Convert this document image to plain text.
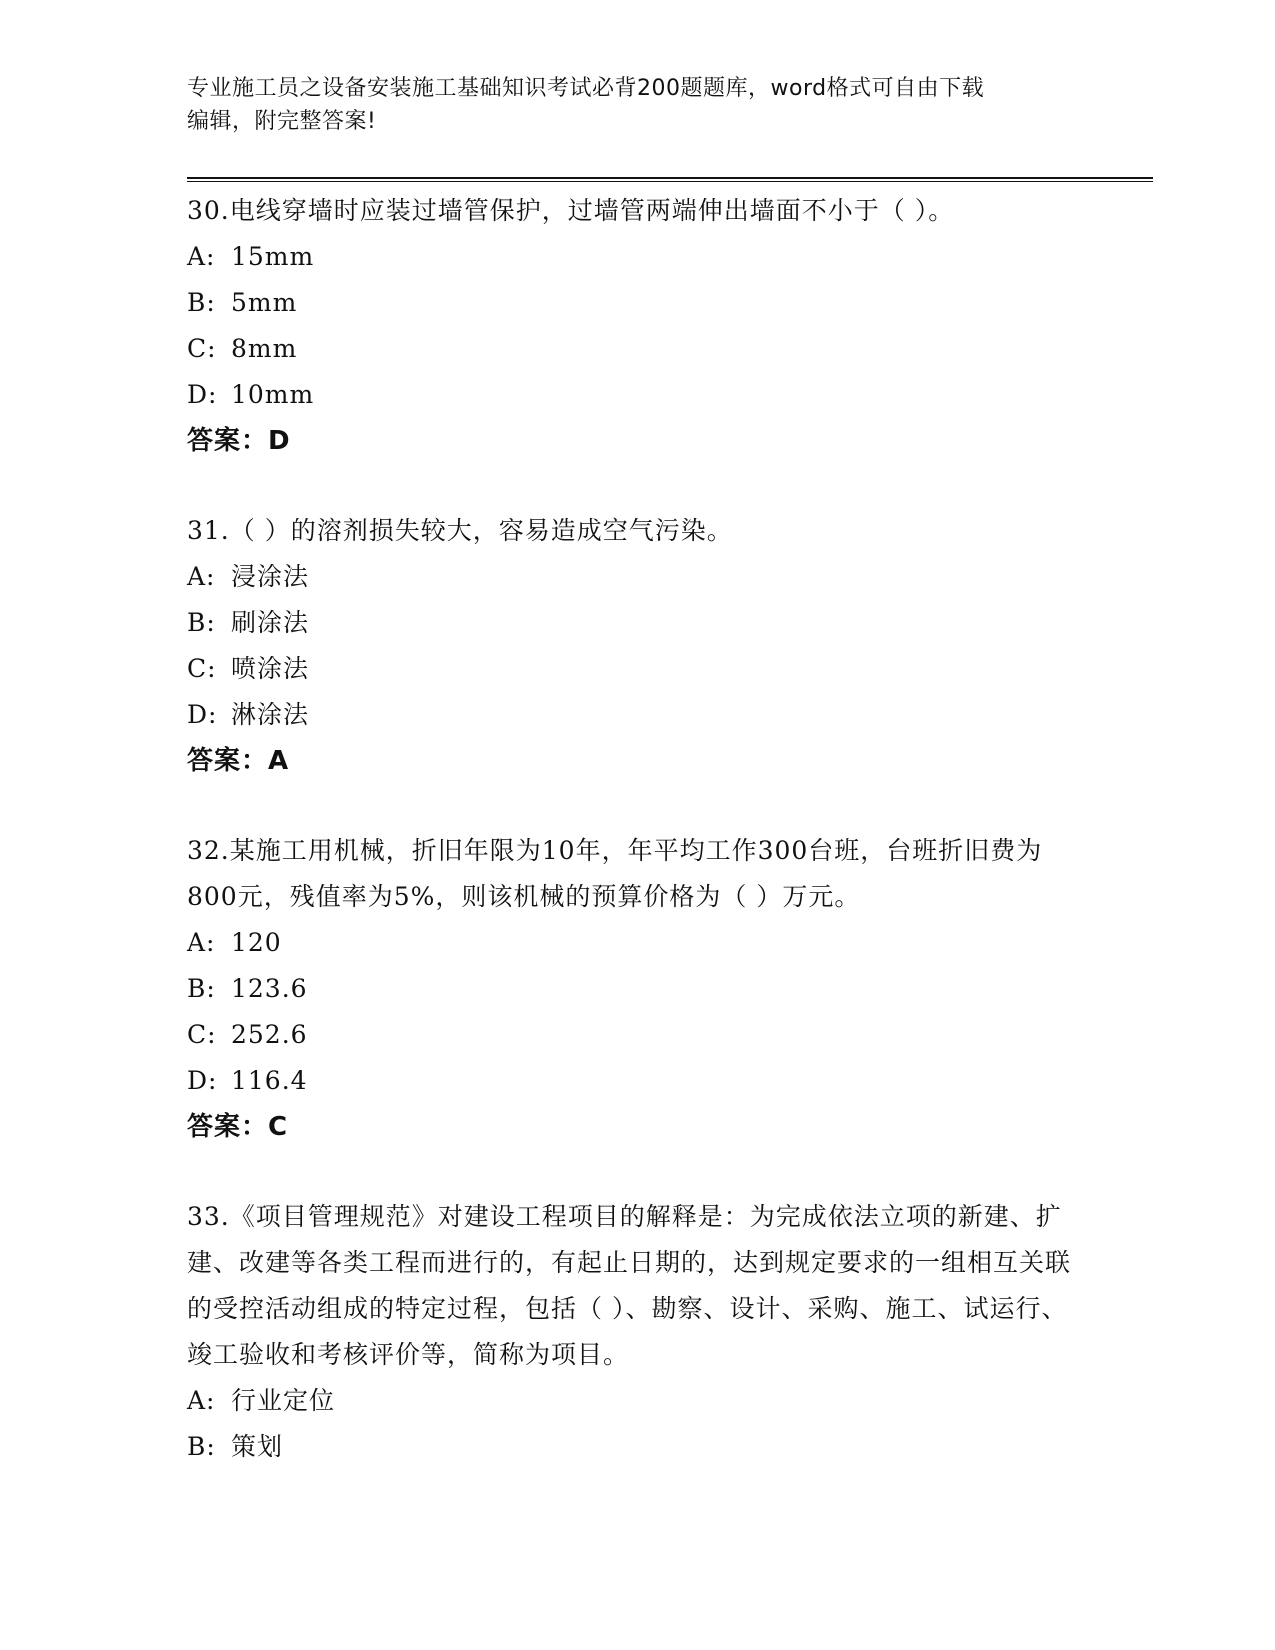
专业施工员之设备安装施工基础知识考试必背200题题库，word格式可自由下载
编辑，附完整答案!
30.电线穿墙时应装过墙管保护，过墙管两端伸出墙面不小于（ ）。
A: 15mm
B: 5mm
C: 8mm
D: 10mm
答案：D
31.（ ）的溶剂损失较大，容易造成空气污染。
A: 浸涂法
B: 刷涂法
C: 喷涂法
D: 淋涂法
答案：A
32.某施工用机械，折旧年限为10年，年平均工作300台班，台班折旧费为800元，残值率为5%，则该机械的预算价格为（ ）万元。
A: 120
B: 123.6
C: 252.6
D: 116.4
答案：C
33.《项目管理规范》对建设工程项目的解释是：为完成依法立项的新建、扩建、改建等各类工程而进行的，有起止日期的，达到规定要求的一组相互关联的受控活动组成的特定过程，包括（ ）、勘察、设计、采购、施工、试运行、竣工验收和考核评价等，简称为项目。
A: 行业定位
B: 策划
